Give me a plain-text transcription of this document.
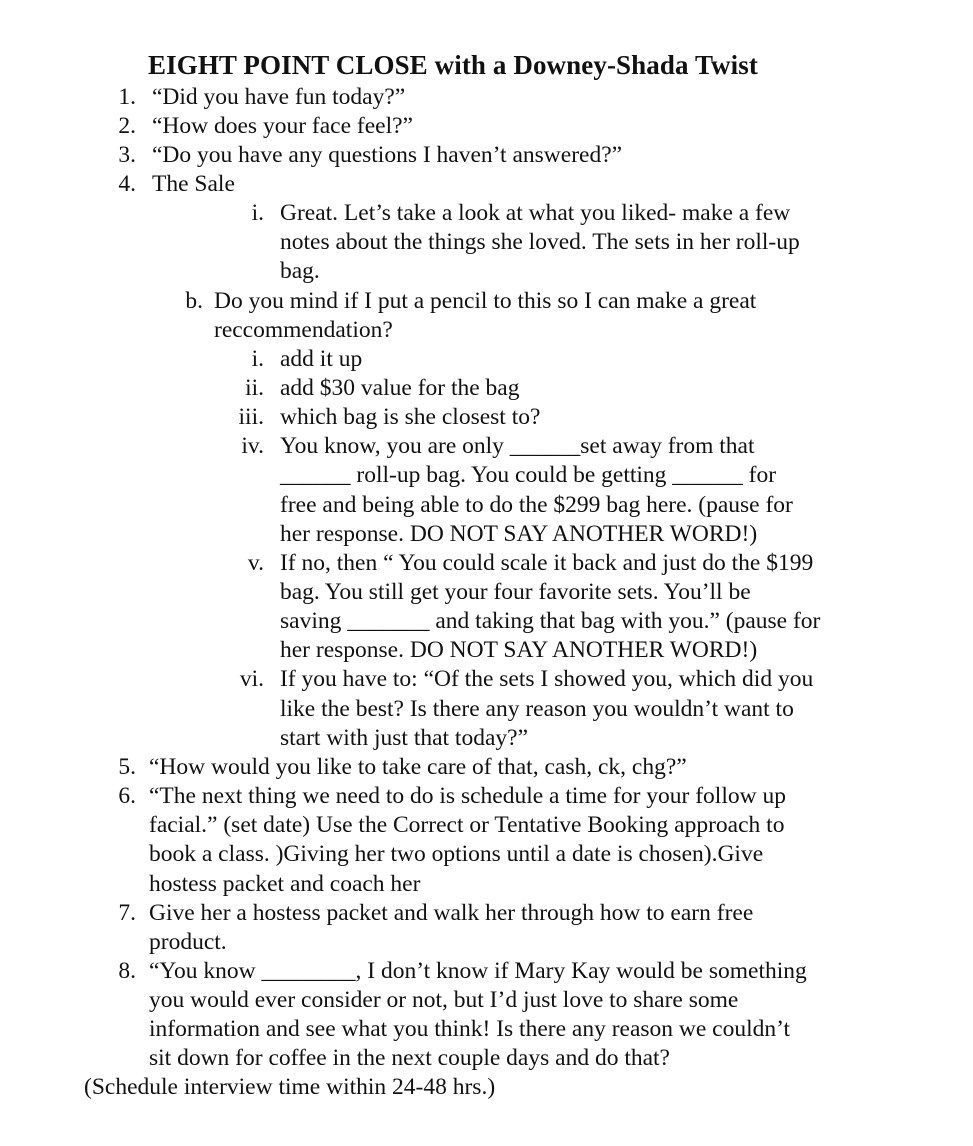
EIGHT POINT CLOSE with a Downey-Shada Twist
1. “Did you have fun today?”
2. “How does your face feel?”
3. “Do you have any questions I haven’t answered?”
4. The Sale
i. Great. Let’s take a look at what you liked- make a few
notes about the things she loved. The sets in her roll-up
bag.
b. Do you mind if I put a pencil to this so I can make a great
reccommendation?
i. add it up
ii. add $30 value for the bag
iii. which bag is she closest to?
iv. You know, you are only ______set away from that
______ roll-up bag. You could be getting ______ for
free and being able to do the $299 bag here. (pause for
her response. DO NOT SAY ANOTHER WORD!)
v. If no, then “ You could scale it back and just do the $199
bag. You still get your four favorite sets. You’ll be
saving _______ and taking that bag with you.” (pause for
her response. DO NOT SAY ANOTHER WORD!)
vi. If you have to: “Of the sets I showed you, which did you
like the best? Is there any reason you wouldn’t want to
start with just that today?”
5. “How would you like to take care of that, cash, ck, chg?”
6. “The next thing we need to do is schedule a time for your follow up
facial.” (set date) Use the Correct or Tentative Booking approach to
book a class. )Giving her two options until a date is chosen).Give
hostess packet and coach her
7. Give her a hostess packet and walk her through how to earn free
product.
8. “You know ________, I don’t know if Mary Kay would be something
you would ever consider or not, but I’d just love to share some
information and see what you think! Is there any reason we couldn’t
sit down for coffee in the next couple days and do that?
(Schedule interview time within 24-48 hrs.)
